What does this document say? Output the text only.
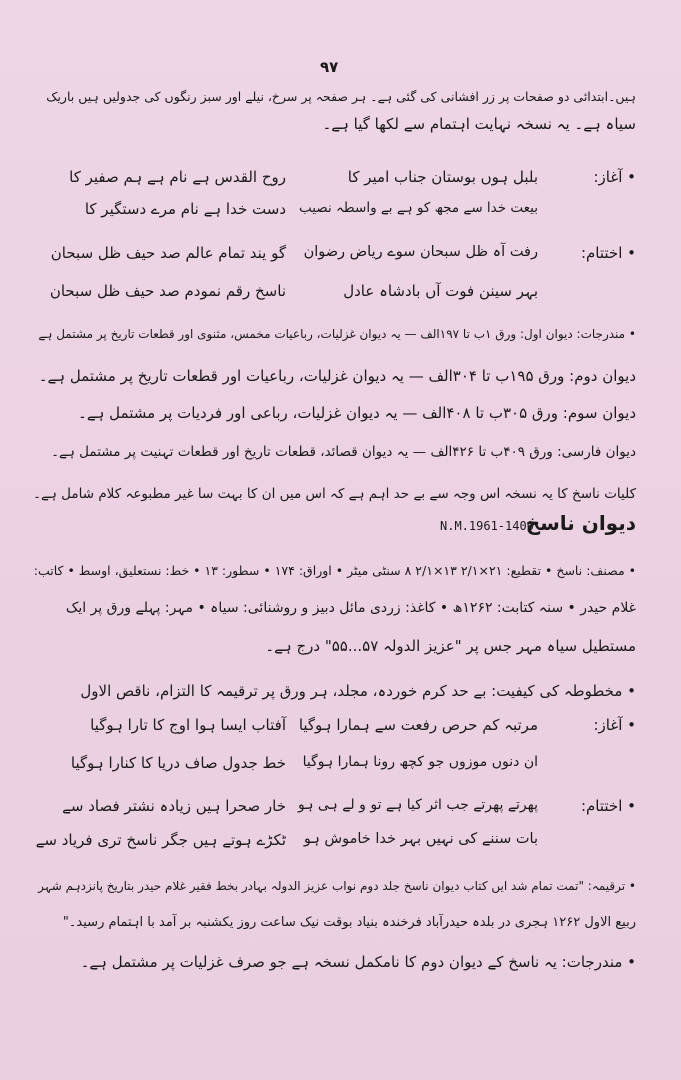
۹۷
ہیں۔ابتدائی دو صفحات پر زر افشانی کی گئی ہے۔ ہر صفحہ پر سرخ، نیلے اور سبز رنگوں کی جدولیں ہیں باریک
سیاہ ہے۔ یہ نسخہ نہایت اہتمام سے لکھا گیا ہے۔
• آغاز:
بلبل ہوں بوستان جناب امیر کا
روح القدس ہے نام ہے ہم صفیر کا
بیعت خدا سے مجھ کو ہے بے واسطہ نصیب
دست خدا ہے نام مرے دستگیر کا
• اختتام:
رفت آہ ظل سبحان سوے ریاض رضوان
گو یند تمام عالم صد حیف ظل سبحان
بہر سینن فوت آں بادشاہ عادل
ناسخ رقم نمودم صد حیف ظل سبحان
• مندرجات: دیوان اول: ورق ۱ب تا ۱۹۷الف — یہ دیوان غزلیات، رباعیات مخمس، مثنوی اور قطعات تاریخ پر مشتمل ہے
دیوان دوم: ورق ۱۹۵ب تا ۳۰۴الف — یہ دیوان غزلیات، رباعیات اور قطعات تاریخ پر مشتمل ہے۔
دیوان سوم: ورق ۳۰۵ب تا ۴۰۸الف — یہ دیوان غزلیات، رباعی اور فردیات پر مشتمل ہے۔
دیوان فارسی: ورق ۴۰۹ب تا ۴۲۶الف — یہ دیوان قصائد، قطعات تاریخ اور قطعات تہنیت پر مشتمل ہے۔
کلیات ناسخ کا یہ نسخہ اس وجہ سے بے حد اہم ہے کہ اس میں ان کا بہت سا غیر مطبوعہ کلام شامل ہے۔
دیوان ناسخ
N.M.1961-1400
• مصنف: ناسخ • تقطیع: ۲۱×۲/۱ ۱۳×۲/۱ ۸ سنٹی میٹر • اوراق: ۱۷۴ • سطور: ۱۳ • خط: نستعلیق، اوسط • کاتب:
غلام حیدر • سنہ کتابت: ۱۲۶۲ھ • کاغذ: زردی مائل دبیز و روشنائی: سیاہ • مہر: پہلے ورق پر ایک
مستطیل سیاہ مہر جس پر "عزیز الدولہ ۵۷...۵۵" درج ہے۔
• مخطوطہ کی کیفیت: بے حد کرم خوردہ، مجلد، ہر ورق پر ترقیمہ کا التزام، ناقص الاول
• آغاز:
مرتبہ کم حرص رفعت سے ہمارا ہوگیا
آفتاب ایسا ہوا اوج کا تارا ہوگیا
ان دنوں موزوں جو کچھ رونا ہمارا ہوگیا
خط جدول صاف دریا کا کنارا ہوگیا
• اختتام:
پھرتے پھرتے جب اثر کیا ہے تو و لے ہی ہو
خار صحرا ہیں زیادہ نشتر فصاد سے
بات سننے کی نہیں بہر خدا خاموش ہو
ٹکڑے ہوتے ہیں جگر ناسخ تری فریاد سے
• ترقیمہ: "تمت تمام شد ایں کتاب دیوان ناسخ جلد دوم نواب عزیز الدولہ بہادر بخط فقیر غلام حیدر بتاریخ پانزدہم شہر
ربیع الاول ۱۲۶۲ ہجری در بلدہ حیدرآباد فرخندہ بنیاد بوقت نیک ساعت روز یکشنبہ بر آمد با اہتمام رسید۔"
• مندرجات: یہ ناسخ کے دیوان دوم کا نامکمل نسخہ ہے جو صرف غزلیات پر مشتمل ہے۔
